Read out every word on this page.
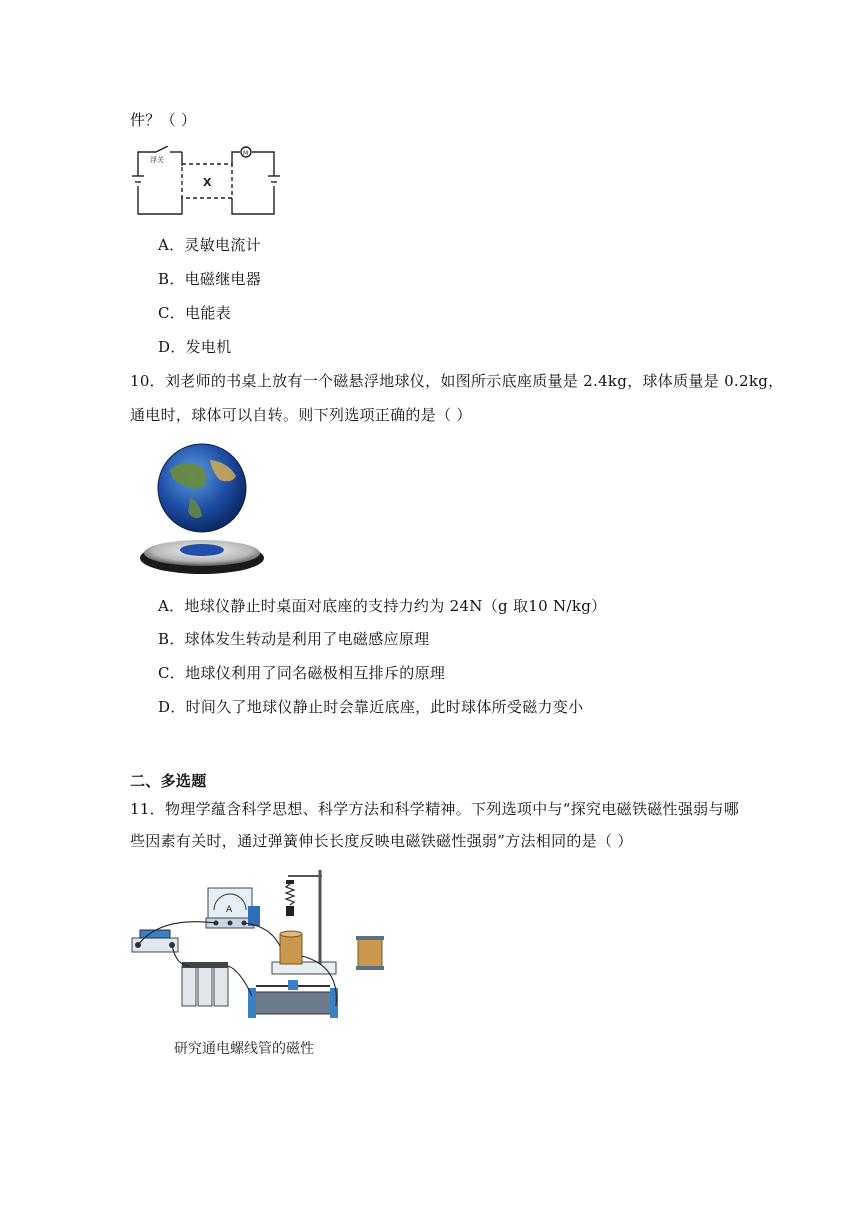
件？（ ）
浮关
X
M
A．灵敏电流计
B．电磁继电器
C．电能表
D．发电机
10．刘老师的书桌上放有一个磁悬浮地球仪，如图所示底座质量是 2.4kg，球体质量是 0.2kg，
通电时，球体可以自转。则下列选项正确的是（ ）
A．地球仪静止时桌面对底座的支持力约为 24N（g 取10 N/kg）
B．球体发生转动是利用了电磁感应原理
C．地球仪利用了同名磁极相互排斥的原理
D．时间久了地球仪静止时会靠近底座，此时球体所受磁力变小
二、多选题
11．物理学蕴含科学思想、科学方法和科学精神。下列选项中与“探究电磁铁磁性强弱与哪
些因素有关时，通过弹簧伸长长度反映电磁铁磁性强弱”方法相同的是（ ）
A
研究通电螺线管的磁性
